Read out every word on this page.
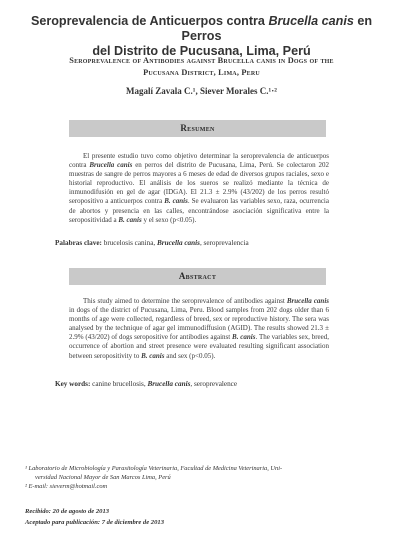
Seroprevalencia de Anticuerpos contra Brucella canis en Perros
del Distrito de Pucusana, Lima, Perú
Seroprevalence of Antibodies against Brucella canis in Dogs of the
Pucusana District, Lima, Peru
Magalí Zavala C.¹, Siever Morales C.¹·²
Resumen
El presente estudio tuvo como objetivo determinar la seroprevalencia de anticuerpos contra Brucella canis en perros del distrito de Pucusana, Lima, Perú. Se colectaron 202 muestras de sangre de perros mayores a 6 meses de edad de diversos grupos raciales, sexo e historial reproductivo. El análisis de los sueros se realizó mediante la técnica de inmunodifusión en gel de agar (IDGA). El 21.3 ± 2.9% (43/202) de los perros resultó seropositivo a anticuerpos contra B. canis. Se evaluaron las variables sexo, raza, ocurrencia de abortos y presencia en las calles, encontrándose asociación significativa entre la seropositividad a B. canis y el sexo (p<0.05).
Palabras clave: brucelosis canina, Brucella canis, seroprevalencia
Abstract
This study aimed to determine the seroprevalence of antibodies against Brucella canis in dogs of the district of Pucusana, Lima, Peru. Blood samples from 202 dogs older than 6 months of age were collected, regardless of breed, sex or reproductive history. The sera was analysed by the technique of agar gel immunodiffusion (AGID). The results showed 21.3 ± 2.9% (43/202) of dogs seropositive for antibodies against B. canis. The variables sex, breed, occurrence of abortion and street presence were evaluated resulting significant association between seropositivity to B. canis and sex (p<0.05).
Key words: canine brucellosis, Brucella canis, seroprevalence
¹ Laboratorio de Microbiología y Parasitología Veterinaria, Facultad de Medicina Veterinaria, Uni-
versidad Nacional Mayor de San Marcos Lima, Perú
² E-mail: sieverm@hotmail.com
Recibido: 20 de agosto de 2013
Aceptado para publicación: 7 de diciembre de 2013
